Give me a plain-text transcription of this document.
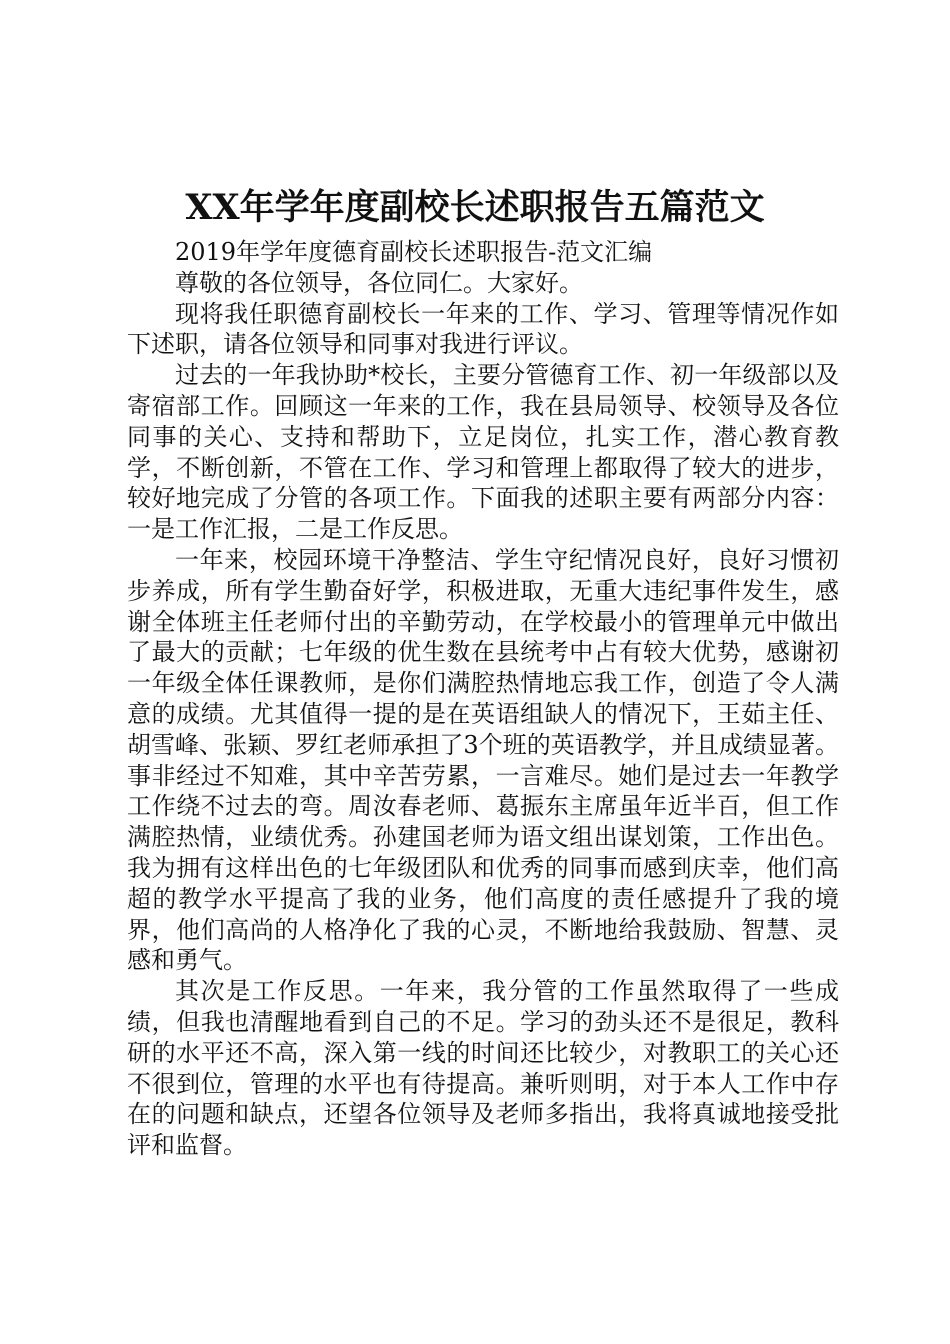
XX年学年度副校长述职报告五篇范文

2019年学年度德育副校长述职报告-范文汇编

尊敬的各位领导，各位同仁。大家好。

现将我任职德育副校长一年来的工作、学习、管理等情况作如下述职，请各位领导和同事对我进行评议。

过去的一年我协助*校长，主要分管德育工作、初一年级部以及寄宿部工作。回顾这一年来的工作，我在县局领导、校领导及各位同事的关心、支持和帮助下，立足岗位，扎实工作，潜心教育教学，不断创新，不管在工作、学习和管理上都取得了较大的进步，较好地完成了分管的各项工作。下面我的述职主要有两部分内容：一是工作汇报，二是工作反思。

一年来，校园环境干净整洁、学生守纪情况良好，良好习惯初步养成，所有学生勤奋好学，积极进取，无重大违纪事件发生，感谢全体班主任老师付出的辛勤劳动，在学校最小的管理单元中做出了最大的贡献；七年级的优生数在县统考中占有较大优势，感谢初一年级全体任课教师，是你们满腔热情地忘我工作，创造了令人满意的成绩。尤其值得一提的是在英语组缺人的情况下，王茹主任、胡雪峰、张颖、罗红老师承担了3个班的英语教学，并且成绩显著。事非经过不知难，其中辛苦劳累，一言难尽。她们是过去一年教学工作绕不过去的弯。周汝春老师、葛振东主席虽年近半百，但工作满腔热情，业绩优秀。孙建国老师为语文组出谋划策，工作出色。我为拥有这样出色的七年级团队和优秀的同事而感到庆幸，他们高超的教学水平提高了我的业务，他们高度的责任感提升了我的境界，他们高尚的人格净化了我的心灵，不断地给我鼓励、智慧、灵感和勇气。

其次是工作反思。一年来，我分管的工作虽然取得了一些成绩，但我也清醒地看到自己的不足。学习的劲头还不是很足，教科研的水平还不高，深入第一线的时间还比较少，对教职工的关心还不很到位，管理的水平也有待提高。兼听则明，对于本人工作中存在的问题和缺点，还望各位领导及老师多指出，我将真诚地接受批评和监督。
